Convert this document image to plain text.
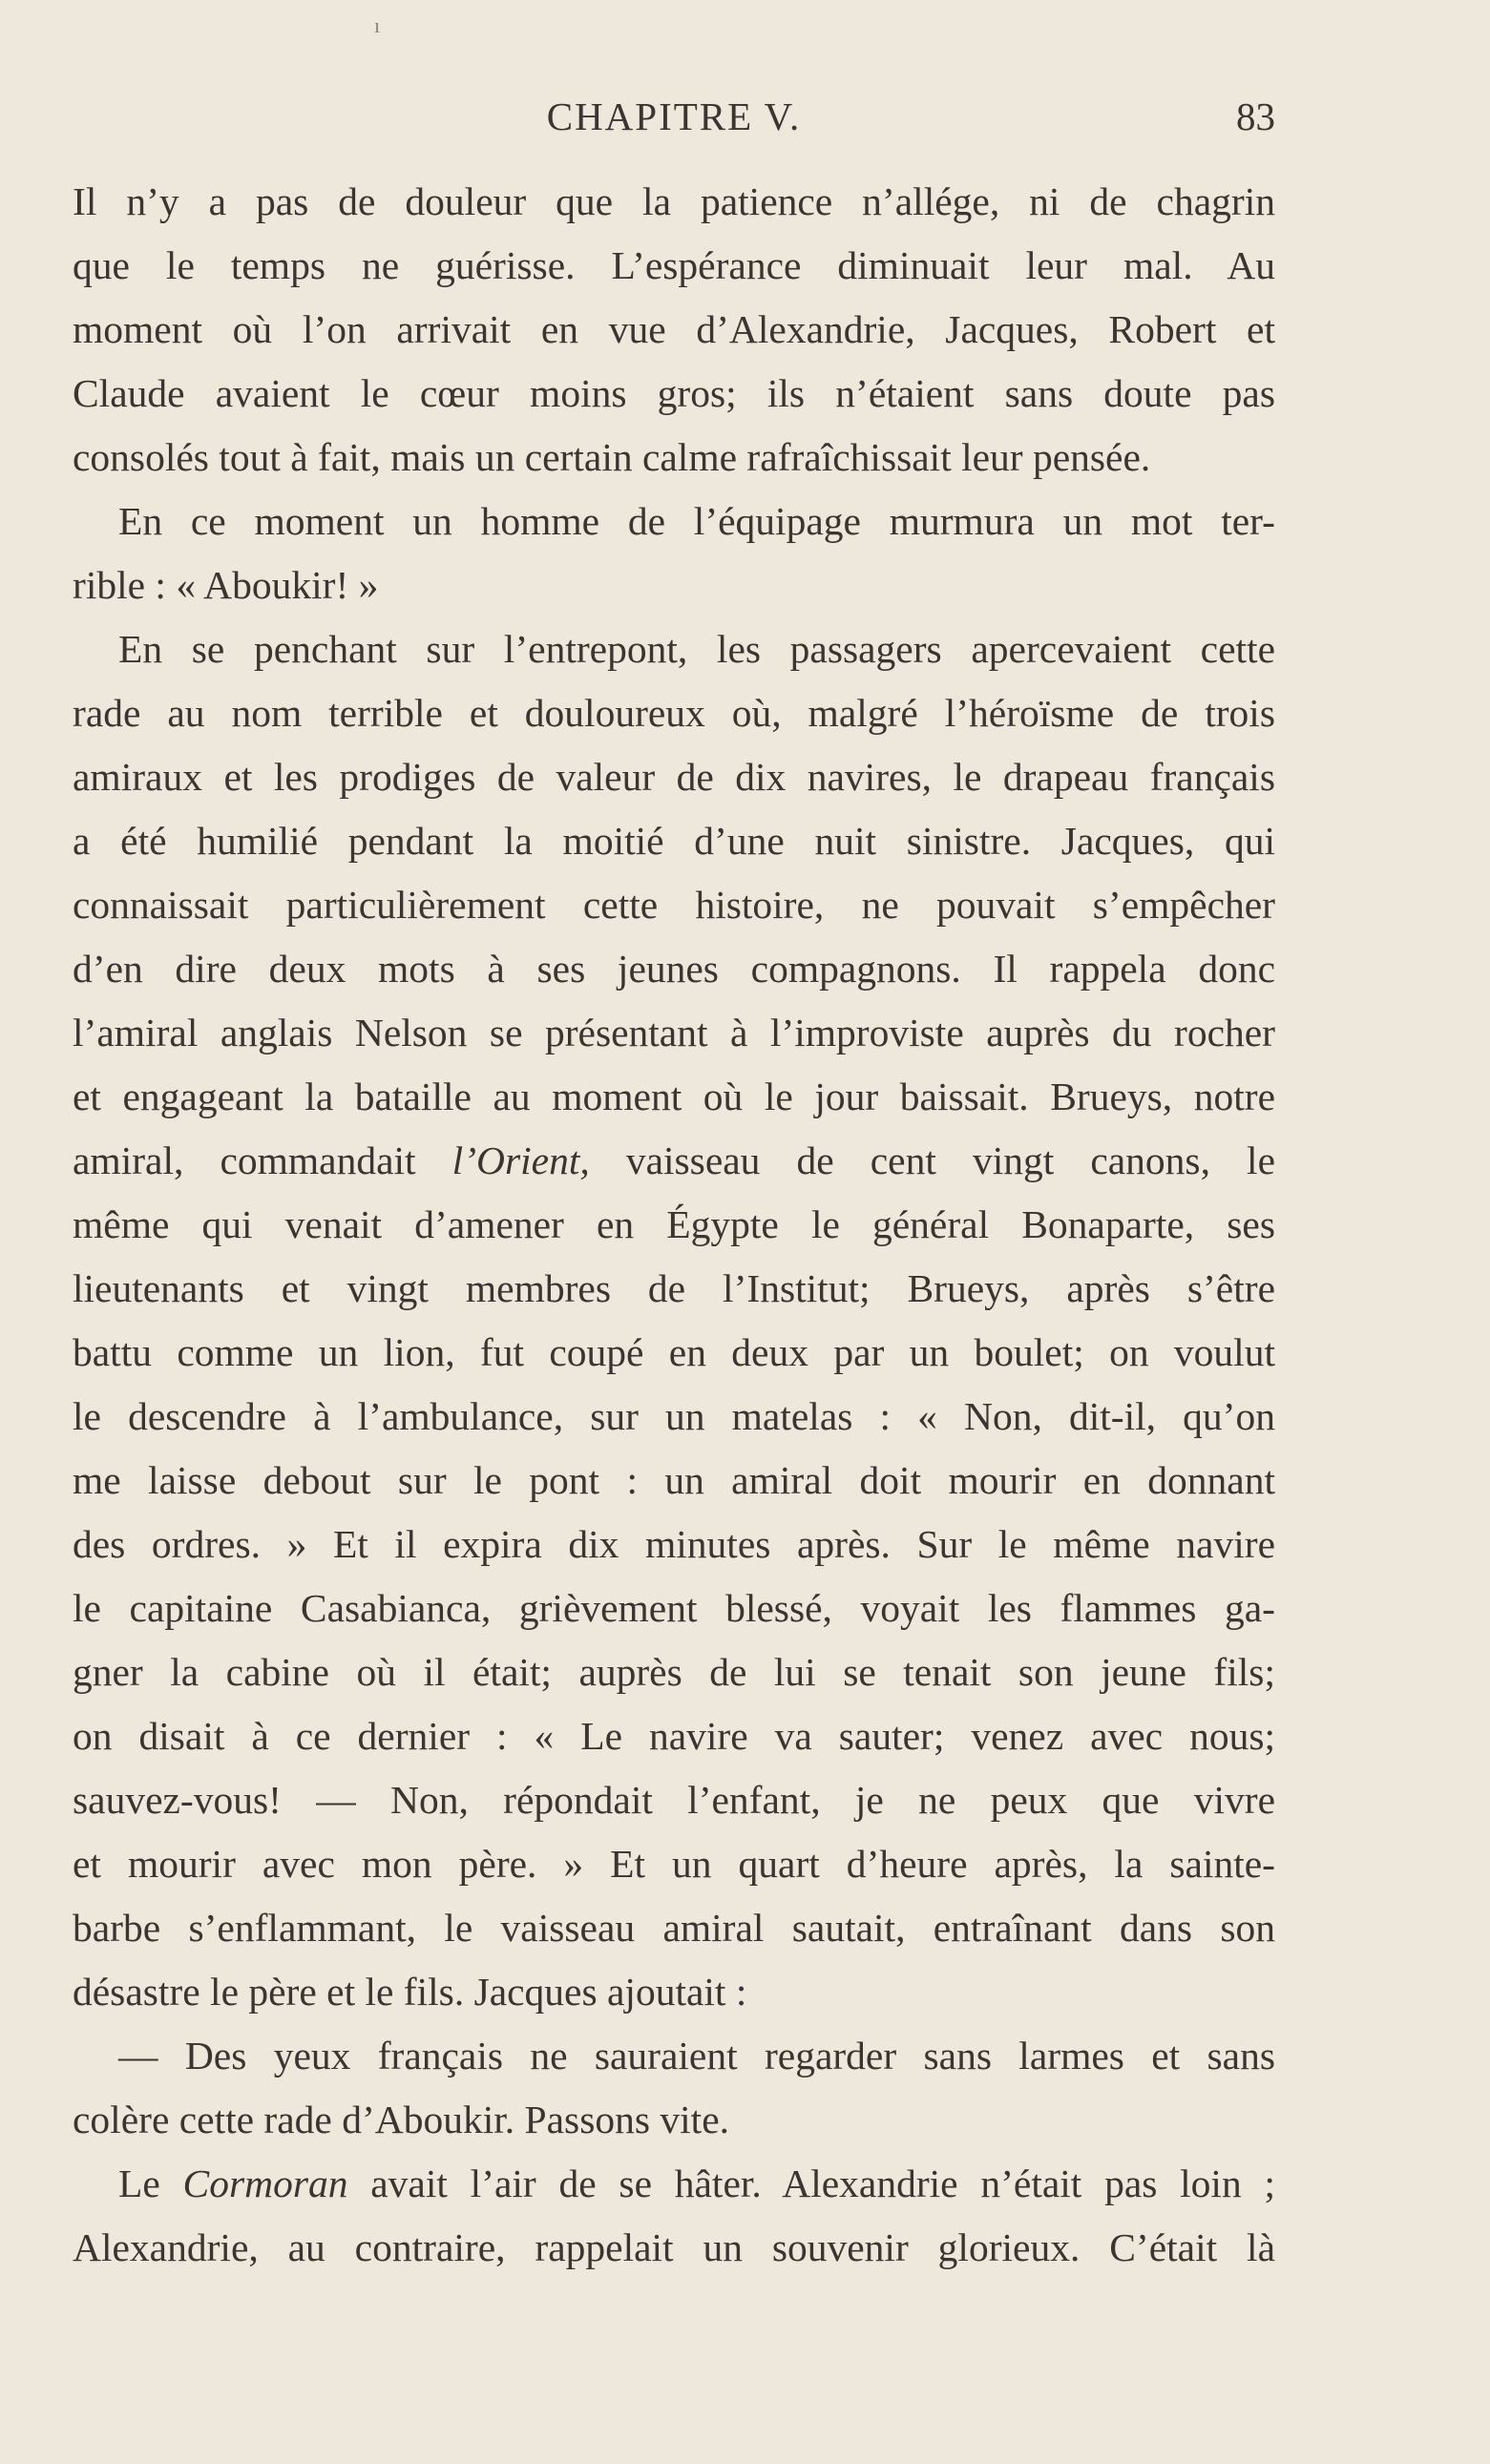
ı
CHAPITRE V.	83

Il n’y a pas de douleur que la patience n’allége, ni de chagrin
que le temps ne guérisse. L’espérance diminuait leur mal. Au
moment où l’on arrivait en vue d’Alexandrie, Jacques, Robert et
Claude avaient le cœur moins gros; ils n’étaient sans doute pas
consolés tout à fait, mais un certain calme rafraîchissait leur pensée.

En ce moment un homme de l’équipage murmura un mot ter-
rible : « Aboukir! »

En se penchant sur l’entrepont, les passagers apercevaient cette
rade au nom terrible et douloureux où, malgré l’héroïsme de trois
amiraux et les prodiges de valeur de dix navires, le drapeau français
a été humilié pendant la moitié d’une nuit sinistre. Jacques, qui
connaissait particulièrement cette histoire, ne pouvait s’empêcher
d’en dire deux mots à ses jeunes compagnons. Il rappela donc
l’amiral anglais Nelson se présentant à l’improviste auprès du rocher
et engageant la bataille au moment où le jour baissait. Brueys, notre
amiral, commandait l’Orient, vaisseau de cent vingt canons, le
même qui venait d’amener en Égypte le général Bonaparte, ses
lieutenants et vingt membres de l’Institut; Brueys, après s’être
battu comme un lion, fut coupé en deux par un boulet; on voulut
le descendre à l’ambulance, sur un matelas : « Non, dit-il, qu’on
me laisse debout sur le pont : un amiral doit mourir en donnant
des ordres. » Et il expira dix minutes après. Sur le même navire
le capitaine Casabianca, grièvement blessé, voyait les flammes ga-
gner la cabine où il était; auprès de lui se tenait son jeune fils;
on disait à ce dernier : « Le navire va sauter; venez avec nous;
sauvez-vous! — Non, répondait l’enfant, je ne peux que vivre
et mourir avec mon père. » Et un quart d’heure après, la sainte-
barbe s’enflammant, le vaisseau amiral sautait, entraînant dans son
désastre le père et le fils. Jacques ajoutait :

— Des yeux français ne sauraient regarder sans larmes et sans
colère cette rade d’Aboukir. Passons vite.

Le Cormoran avait l’air de se hâter. Alexandrie n’était pas loin ;
Alexandrie, au contraire, rappelait un souvenir glorieux. C’était là
